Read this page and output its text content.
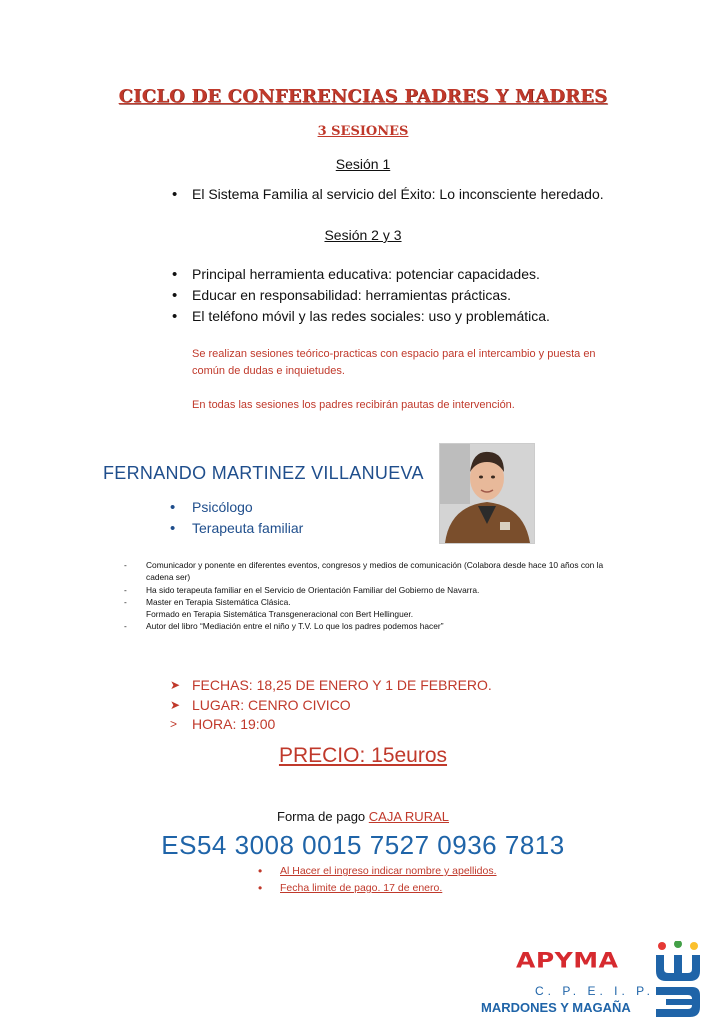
CICLO DE CONFERENCIAS PADRES Y MADRES
3 SESIONES
Sesión 1
• El Sistema Familia al servicio del Éxito: Lo inconsciente heredado.
Sesión 2 y 3
• Principal herramienta educativa: potenciar capacidades.
• Educar en responsabilidad: herramientas prácticas.
• El teléfono móvil y las redes sociales: uso y problemática.
Se realizan sesiones teórico-practicas con espacio para el intercambio y puesta en común de dudas e inquietudes.
En todas las sesiones los padres recibirán pautas de intervención.
FERNANDO MARTINEZ VILLANUEVA
• Psicólogo
• Terapeuta familiar
- Comunicador y ponente en diferentes eventos, congresos y medios de comunicación (Colabora desde hace 10 años con la cadena ser)
- Ha sido terapeuta familiar en el Servicio de Orientación Familiar del Gobierno de Navarra.
- Master en Terapia Sistemática Clásica.
Formado en Terapia Sistemática Transgeneracional con Bert Hellinguer.
- Autor del libro “Mediación entre el niño y T.V. Lo que los padres podemos hacer”
➤ FECHAS: 18,25 DE ENERO Y 1 DE FEBRERO.
➤ LUGAR: CENRO CIVICO
> HORA: 19:00
PRECIO: 15euros
Forma de pago CAJA RURAL
ES54 3008 0015 7527 0936 7813
• Al Hacer el ingreso indicar nombre y apellidos.
• Fecha limite de pago. 17 de enero.
APYMA
C. P. E. I. P.
MARDONES Y MAGAÑA
